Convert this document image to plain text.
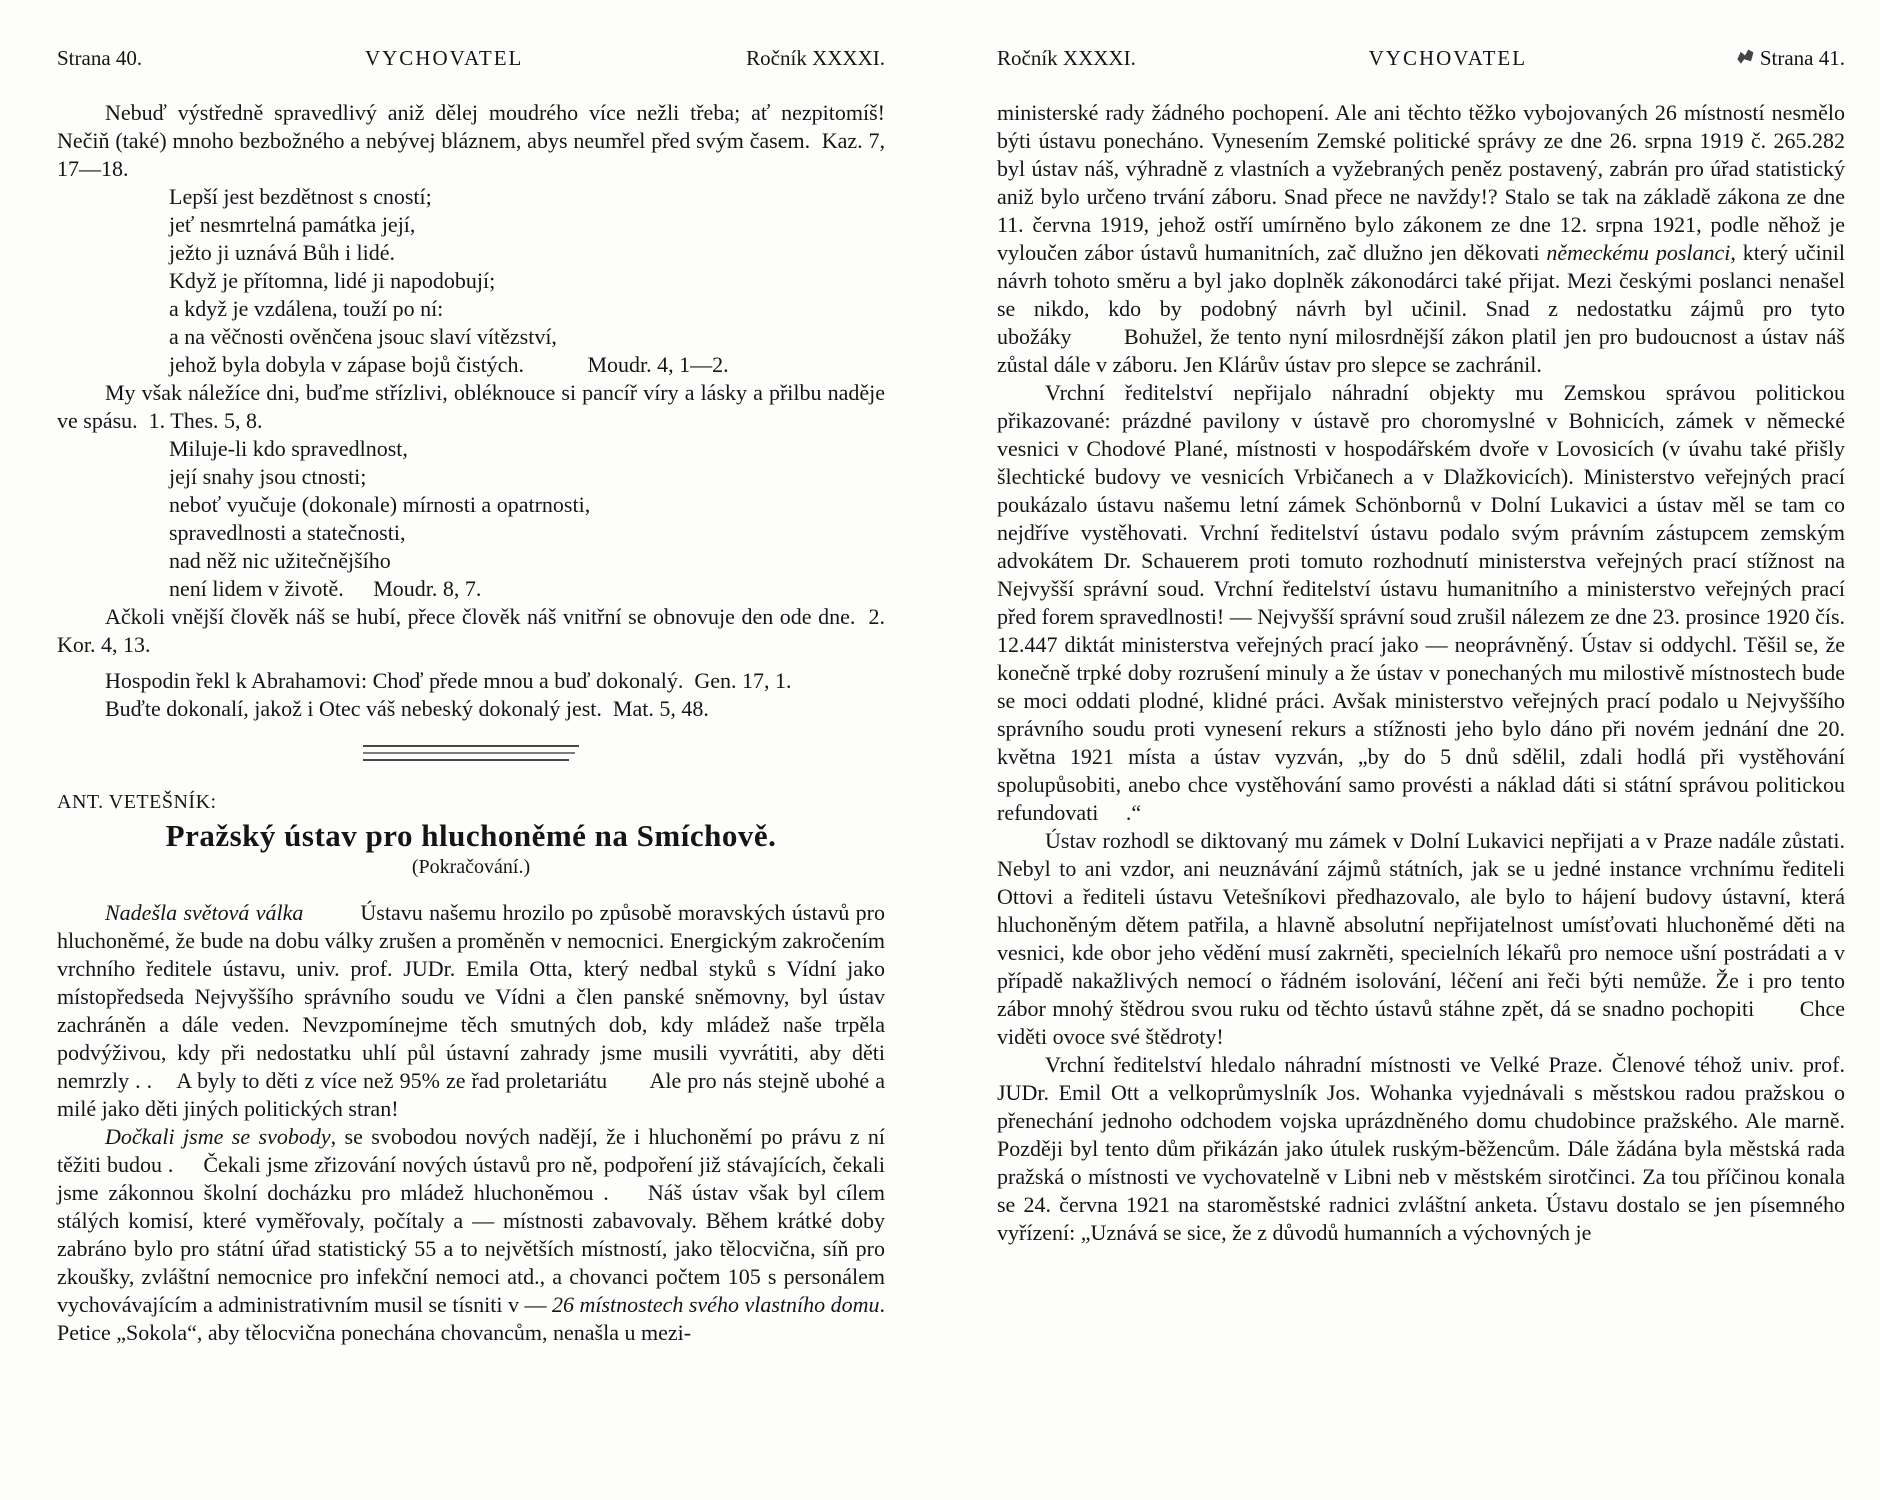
Strana 40.	VYCHOVATEL	Ročník XXXXI.

Nebuď výstředně spravedlivý aniž dělej moudrého více nežli třeba; ať nezpitomíš! Nečiň (také) mnoho bezbožného a nebývej bláznem, abys neumřel před svým časem.  Kaz. 7, 17—18.

Lepší jest bezdětnost s cností;
jeť nesmrtelná památka její,
ježto ji uznává Bůh i lidé.
Když je přítomna, lidé ji napodobují;
a když je vzdálena, touží po ní:
a na věčnosti ověnčena jsouc slaví vítězství,
jehož byla dobyla v zápase bojů čistých.	Moudr. 4, 1—2.

My však náležíce dni, buďme střízlivi, obléknouce si pancíř víry a lásky a přilbu naděje ve spásu.  1. Thes. 5, 8.

Miluje-li kdo spravedlnost,
její snahy jsou ctnosti;
neboť vyučuje (dokonale) mírnosti a opatrnosti,
spravedlnosti a statečnosti,
nad něž nic užitečnějšího
není lidem v životě. Moudr. 8, 7.

Ačkoli vnější člověk náš se hubí, přece člověk náš vnitřní se obnovuje den ode dne.  2. Kor. 4, 13.

Hospodin řekl k Abrahamovi: Choď přede mnou a buď dokonalý.  Gen. 17, 1.

Buďte dokonalí, jakož i Otec váš nebeský dokonalý jest.  Mat. 5, 48.

ANT. VETEŠNÍK:
Pražský ústav pro hluchoněmé na Smíchově.
(Pokračování.)

Nadešla světová válka         Ústavu našemu hrozilo po způsobě moravských ústavů pro hluchoněmé, že bude na dobu války zrušen a proměněn v nemocnici. Energickým zakročením vrchního ředitele ústavu, univ. prof. JUDr. Emila Otta, který nedbal styků s Vídní jako místopředseda Nejvyššího správního soudu ve Vídni a člen panské sněmovny, byl ústav zachráněn a dále veden. Nevzpomínejme těch smutných dob, kdy mládež naše trpěla podvýživou, kdy při nedostatku uhlí půl ústavní zahrady jsme musili vyvrátiti, aby děti nemrzly . .    A byly to děti z více než 95% ze řad proletariátu       Ale pro nás stejně ubohé a milé jako děti jiných politických stran!

Dočkali jsme se svobody, se svobodou nových nadějí, že i hluchoněmí po právu z ní těžiti budou .     Čekali jsme zřizování nových ústavů pro ně, podpoření již stávajících, čekali jsme zákonnou školní docházku pro mládež hluchoněmou .    Náš ústav však byl cílem stálých komisí, které vyměřovaly, počítaly a — místnosti zabavovaly. Během krátké doby zabráno bylo pro státní úřad statistický 55 a to největších místností, jako tělocvična, síň pro zkoušky, zvláštní nemocnice pro infekční nemoci atd., a chovanci počtem 105 s personálem vychovávajícím a administrativním musil se tísniti v — 26 místnostech svého vlastního domu. Petice „Sokola“, aby tělocvična ponechána chovancům, nenašla u mezi-

Ročník XXXXI.	VYCHOVATEL	Strana 41.

ministerské rady žádného pochopení. Ale ani těchto těžko vybojovaných 26 místností nesmělo býti ústavu ponecháno. Vynesením Zemské politické správy ze dne 26. srpna 1919 č. 265.282 byl ústav náš, výhradně z vlastních a vyžebraných peněz postavený, zabrán pro úřad statistický aniž bylo určeno trvání záboru. Snad přece ne navždy!? Stalo se tak na základě zákona ze dne 11. června 1919, jehož ostří umírněno bylo zákonem ze dne 12. srpna 1921, podle něhož je vyloučen zábor ústavů humanitních, zač dlužno jen děkovati německému poslanci, který učinil návrh tohoto směru a byl jako doplněk zákonodárci také přijat. Mezi českými poslanci nenašel se nikdo, kdo by podobný návrh byl učinil. Snad z nedostatku zájmů pro tyto ubožáky       Bohužel, že tento nyní milosrdnější zákon platil jen pro budoucnost a ústav náš zůstal dále v záboru. Jen Klárův ústav pro slepce se zachránil.

Vrchní ředitelství nepřijalo náhradní objekty mu Zemskou správou politickou přikazované: prázdné pavilony v ústavě pro choromyslné v Bohnicích, zámek v německé vesnici v Chodové Plané, místnosti v hospodářském dvoře v Lovosicích (v úvahu také přišly šlechtické budovy ve vesnicích Vrbičanech a v Dlažkovicích). Ministerstvo veřejných prací poukázalo ústavu našemu letní zámek Schönbornů v Dolní Lukavici a ústav měl se tam co nejdříve vystěhovati. Vrchní ředitelství ústavu podalo svým právním zástupcem zemským advokátem Dr. Schauerem proti tomuto rozhodnutí ministerstva veřejných prací stížnost na Nejvyšší správní soud. Vrchní ředitelství ústavu humanitního a ministerstvo veřejných prací před forem spravedlnosti! — Nejvyšší správní soud zrušil nálezem ze dne 23. prosince 1920 čís. 12.447 diktát ministerstva veřejných prací jako — neoprávněný. Ústav si oddychl. Těšil se, že konečně trpké doby rozrušení minuly a že ústav v ponechaných mu milostivě místnostech bude se moci oddati plodné, klidné práci. Avšak ministerstvo veřejných prací podalo u Nejvyššího správního soudu proti vynesení rekurs a stížnosti jeho bylo dáno při novém jednání dne 20. května 1921 místa a ústav vyzván, „by do 5 dnů sdělil, zdali hodlá při vystěhování spolupůsobiti, anebo chce vystěhování samo provésti a náklad dáti si státní správou politickou refundovati     .“

Ústav rozhodl se diktovaný mu zámek v Dolní Lukavici nepřijati a v Praze nadále zůstati. Nebyl to ani vzdor, ani neuznávání zájmů státních, jak se u jedné instance vrchnímu řediteli Ottovi a řediteli ústavu Vetešníkovi předhazovalo, ale bylo to hájení budovy ústavní, která hluchoněným dětem patřila, a hlavně absolutní nepřijatelnost umísťovati hluchoněmé děti na vesnici, kde obor jeho vědění musí zakrněti, specielních lékařů pro nemoce ušní postrádati a v případě nakažlivých nemocí o řádném isolování, léčení ani řeči býti nemůže. Že i pro tento zábor mnohý štědrou svou ruku od těchto ústavů stáhne zpět, dá se snadno pochopiti       Chce viděti ovoce své štědroty!

Vrchní ředitelství hledalo náhradní místnosti ve Velké Praze. Členové téhož univ. prof. JUDr. Emil Ott a velkoprůmyslník Jos. Wohanka vyjednávali s městskou radou pražskou o přenechání jednoho odchodem vojska uprázdněného domu chudobince pražského. Ale marně. Později byl tento dům přikázán jako útulek ruským-běžencům. Dále žádána byla městská rada pražská o místnosti ve vychovatelně v Libni neb v městském sirotčinci. Za tou příčinou konala se 24. června 1921 na staroměstské radnici zvláštní anketa. Ústavu dostalo se jen písemného vyřízení: „Uznává se sice, že z důvodů humanních a výchovných je
